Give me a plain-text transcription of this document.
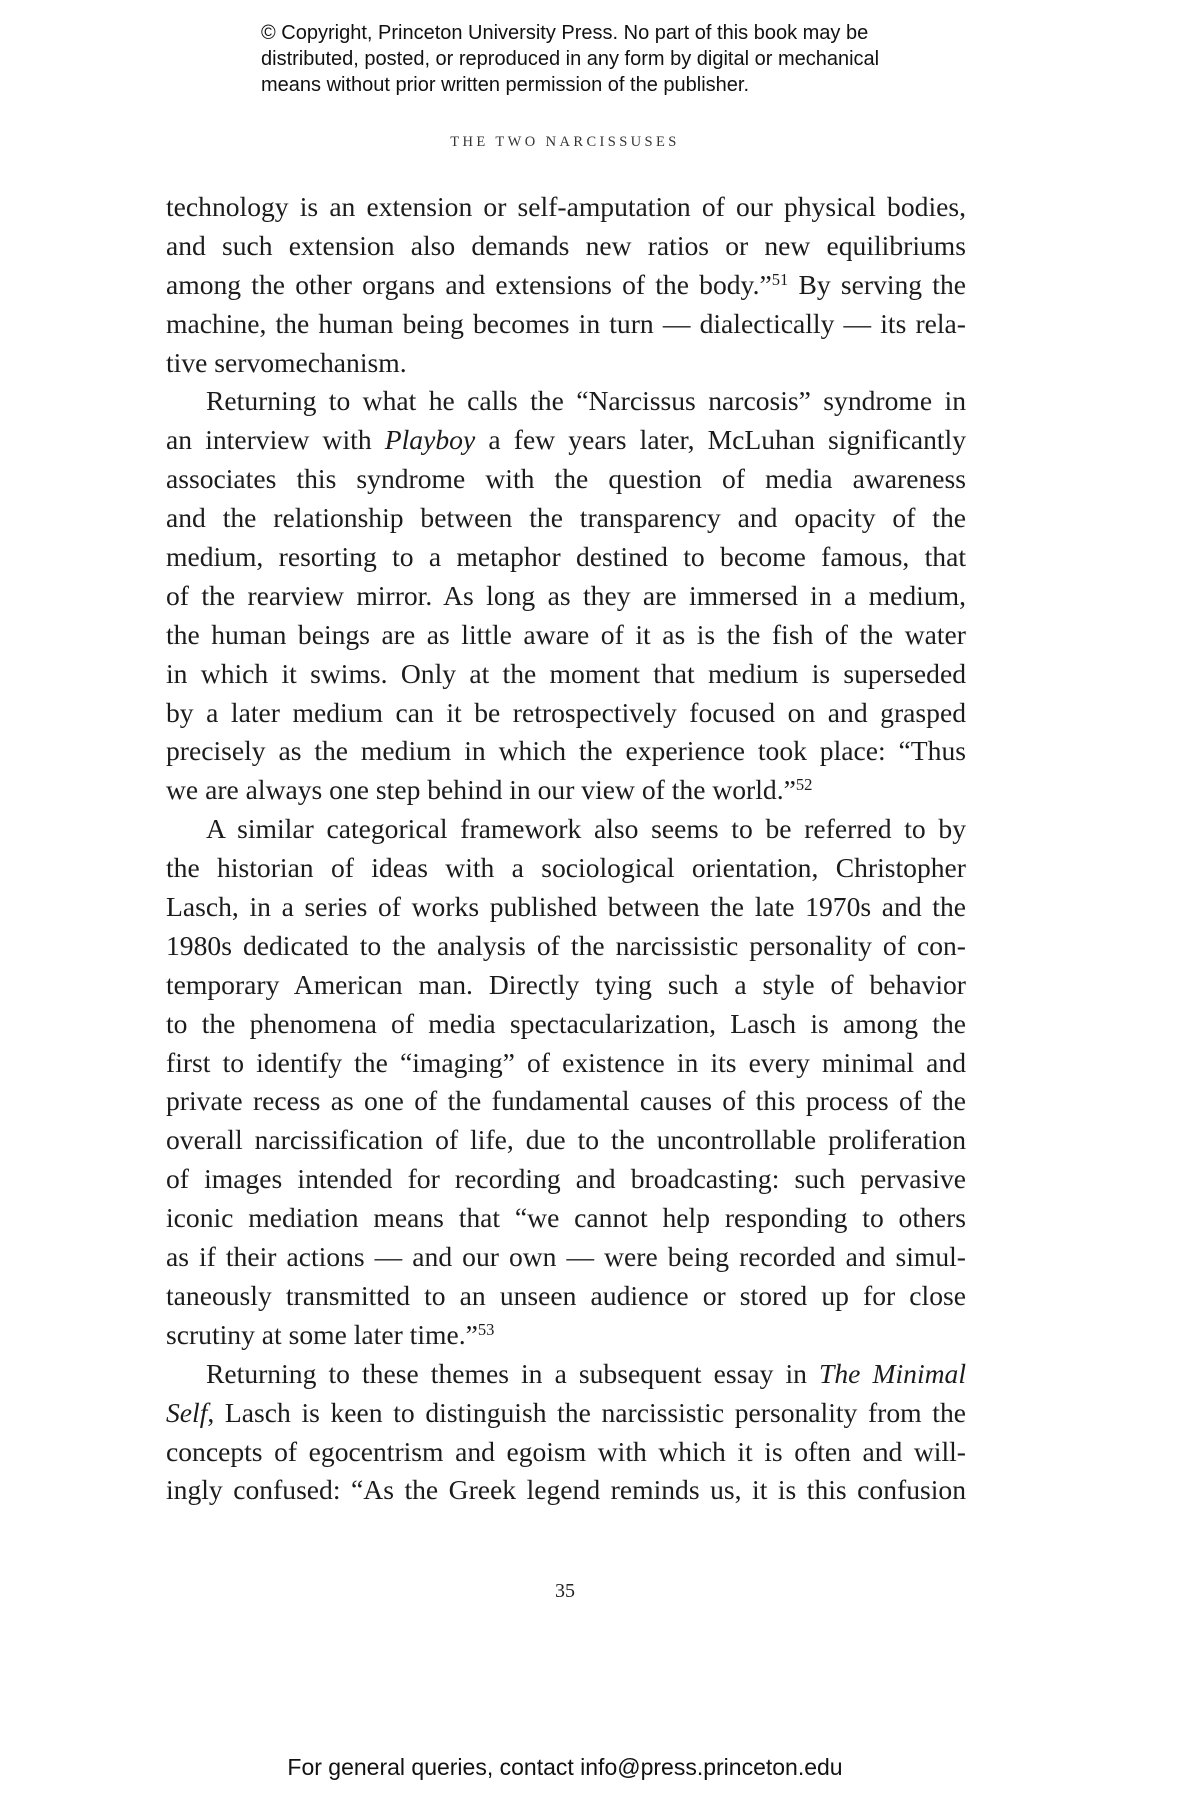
© Copyright, Princeton University Press. No part of this book may be
distributed, posted, or reproduced in any form by digital or mechanical
means without prior written permission of the publisher.
THE TWO NARCISSUSES
technology is an extension or self-amputation of our physical bodies,
and such extension also demands new ratios or new equilibriums
among the other organs and extensions of the body.”$^{51}$ By serving the
machine, the human being becomes in turn — dialectically — its rela-
tive servomechanism.
Returning to what he calls the “Narcissus narcosis” syndrome in
an interview with Playboy a few years later, McLuhan significantly
associates this syndrome with the question of media awareness
and the relationship between the transparency and opacity of the
medium, resorting to a metaphor destined to become famous, that
of the rearview mirror. As long as they are immersed in a medium,
the human beings are as little aware of it as is the fish of the water
in which it swims. Only at the moment that medium is superseded
by a later medium can it be retrospectively focused on and grasped
precisely as the medium in which the experience took place: “Thus
we are always one step behind in our view of the world.”$^{52}$
A similar categorical framework also seems to be referred to by
the historian of ideas with a sociological orientation, Christopher
Lasch, in a series of works published between the late 1970s and the
1980s dedicated to the analysis of the narcissistic personality of con-
temporary American man. Directly tying such a style of behavior
to the phenomena of media spectacularization, Lasch is among the
first to identify the “imaging” of existence in its every minimal and
private recess as one of the fundamental causes of this process of the
overall narcissification of life, due to the uncontrollable proliferation
of images intended for recording and broadcasting: such pervasive
iconic mediation means that “we cannot help responding to others
as if their actions — and our own — were being recorded and simul-
taneously transmitted to an unseen audience or stored up for close
scrutiny at some later time.”$^{53}$
Returning to these themes in a subsequent essay in The Minimal
Self, Lasch is keen to distinguish the narcissistic personality from the
concepts of egocentrism and egoism with which it is often and will-
ingly confused: “As the Greek legend reminds us, it is this confusion
35
For general queries, contact info@press.princeton.edu
